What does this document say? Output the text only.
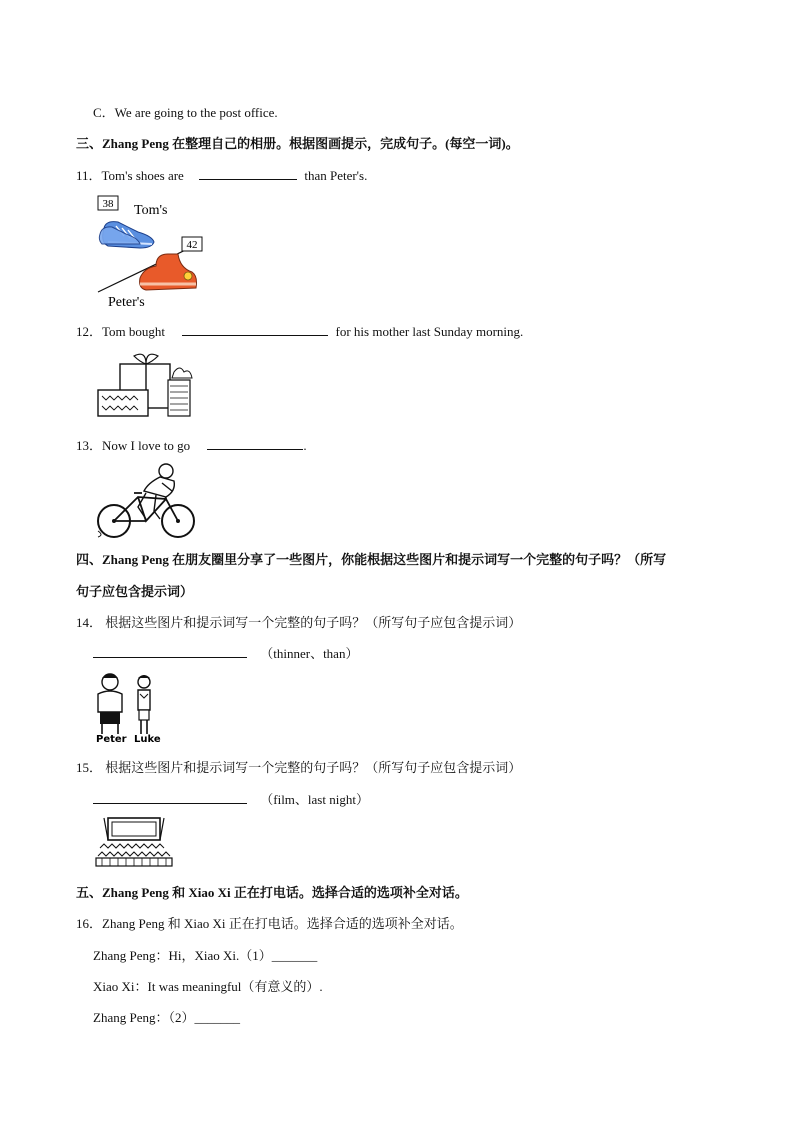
C．We are going to the post office.
三、Zhang Peng 在整理自己的相册。根据图画提示，完成句子。(每空一词)。
11．Tom's shoes are	than Peter's.
38 Tom's
42
Peter's
12．Tom bought	for his mother last Sunday morning.
13．Now I love to go	.
四、Zhang Peng 在朋友圈里分享了一些图片，你能根据这些图片和提示词写一个完整的句子吗？（所写
句子应包含提示词）
14． 根据这些图片和提示词写一个完整的句子吗？（所写句子应包含提示词）
（thinner、than）
Peter Luke
15． 根据这些图片和提示词写一个完整的句子吗？（所写句子应包含提示词）
（film、last night）
五、Zhang Peng 和 Xiao Xi 正在打电话。选择合适的选项补全对话。
16．Zhang Peng 和 Xiao Xi 正在打电话。选择合适的选项补全对话。
Zhang Peng：Hi，Xiao Xi.（1）_______
Xiao Xi：It was meaningful（有意义的）.
Zhang Peng：（2）_______
